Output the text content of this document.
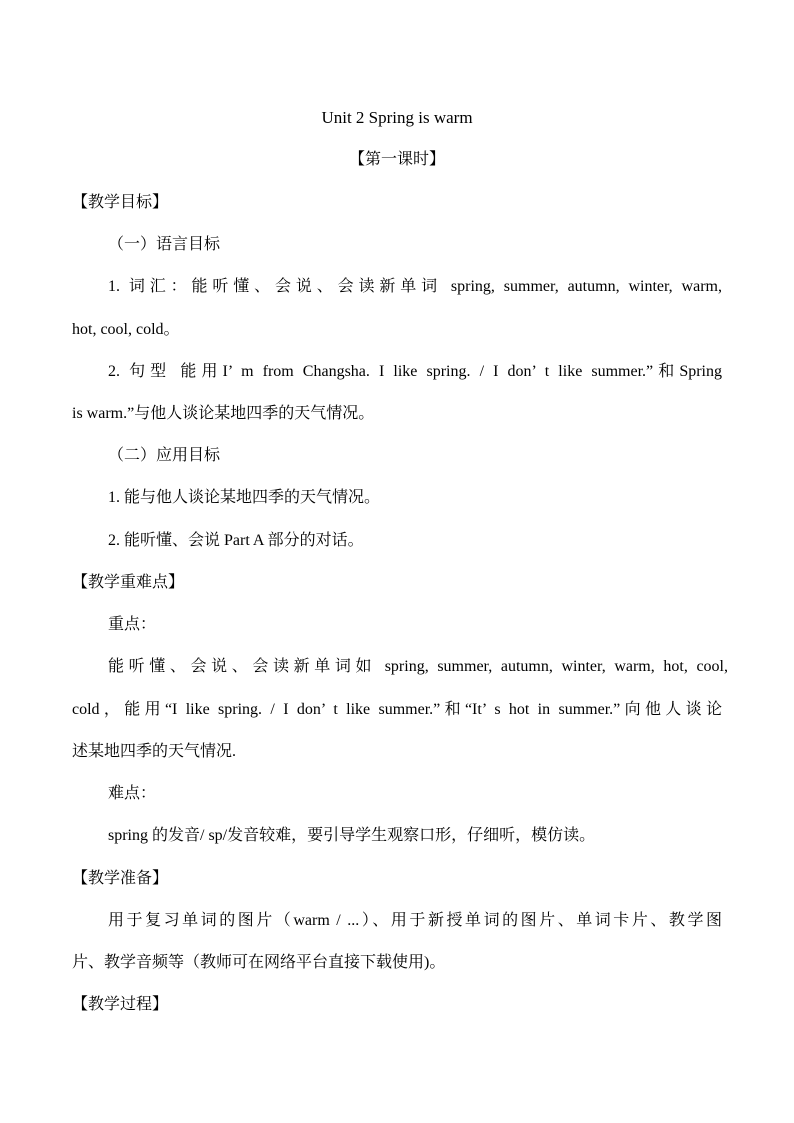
Unit 2 Spring is warm
【第一课时】
【教学目标】
（一）语言目标
1. 词汇：能听懂、会说、会读新单词 spring, summer, autumn, winter, warm,
hot, cool, cold。
2. 句型 能用I’ m from Changsha. I like spring. / I don’ t like summer.”和Spring
is warm.”与他人谈论某地四季的天气情况。
（二）应用目标
1. 能与他人谈论某地四季的天气情况。
2. 能听懂、会说 Part A 部分的对话。
【教学重难点】
重点：
能听懂、会说、会读新单词如 spring, summer, autumn, winter, warm, hot, cool,
cold，能用“I like spring. / I don’ t like summer.”和“It’ s hot in summer.”向他人谈论
述某地四季的天气情况.
难点：
spring 的发音/ sp/发音较难，要引导学生观察口形，仔细听，模仿读。
【教学准备】
用于复习单词的图片（warm / ...）、用于新授单词的图片、单词卡片、教学图
片、教学音频等（教师可在网络平台直接下载使用)。
【教学过程】
